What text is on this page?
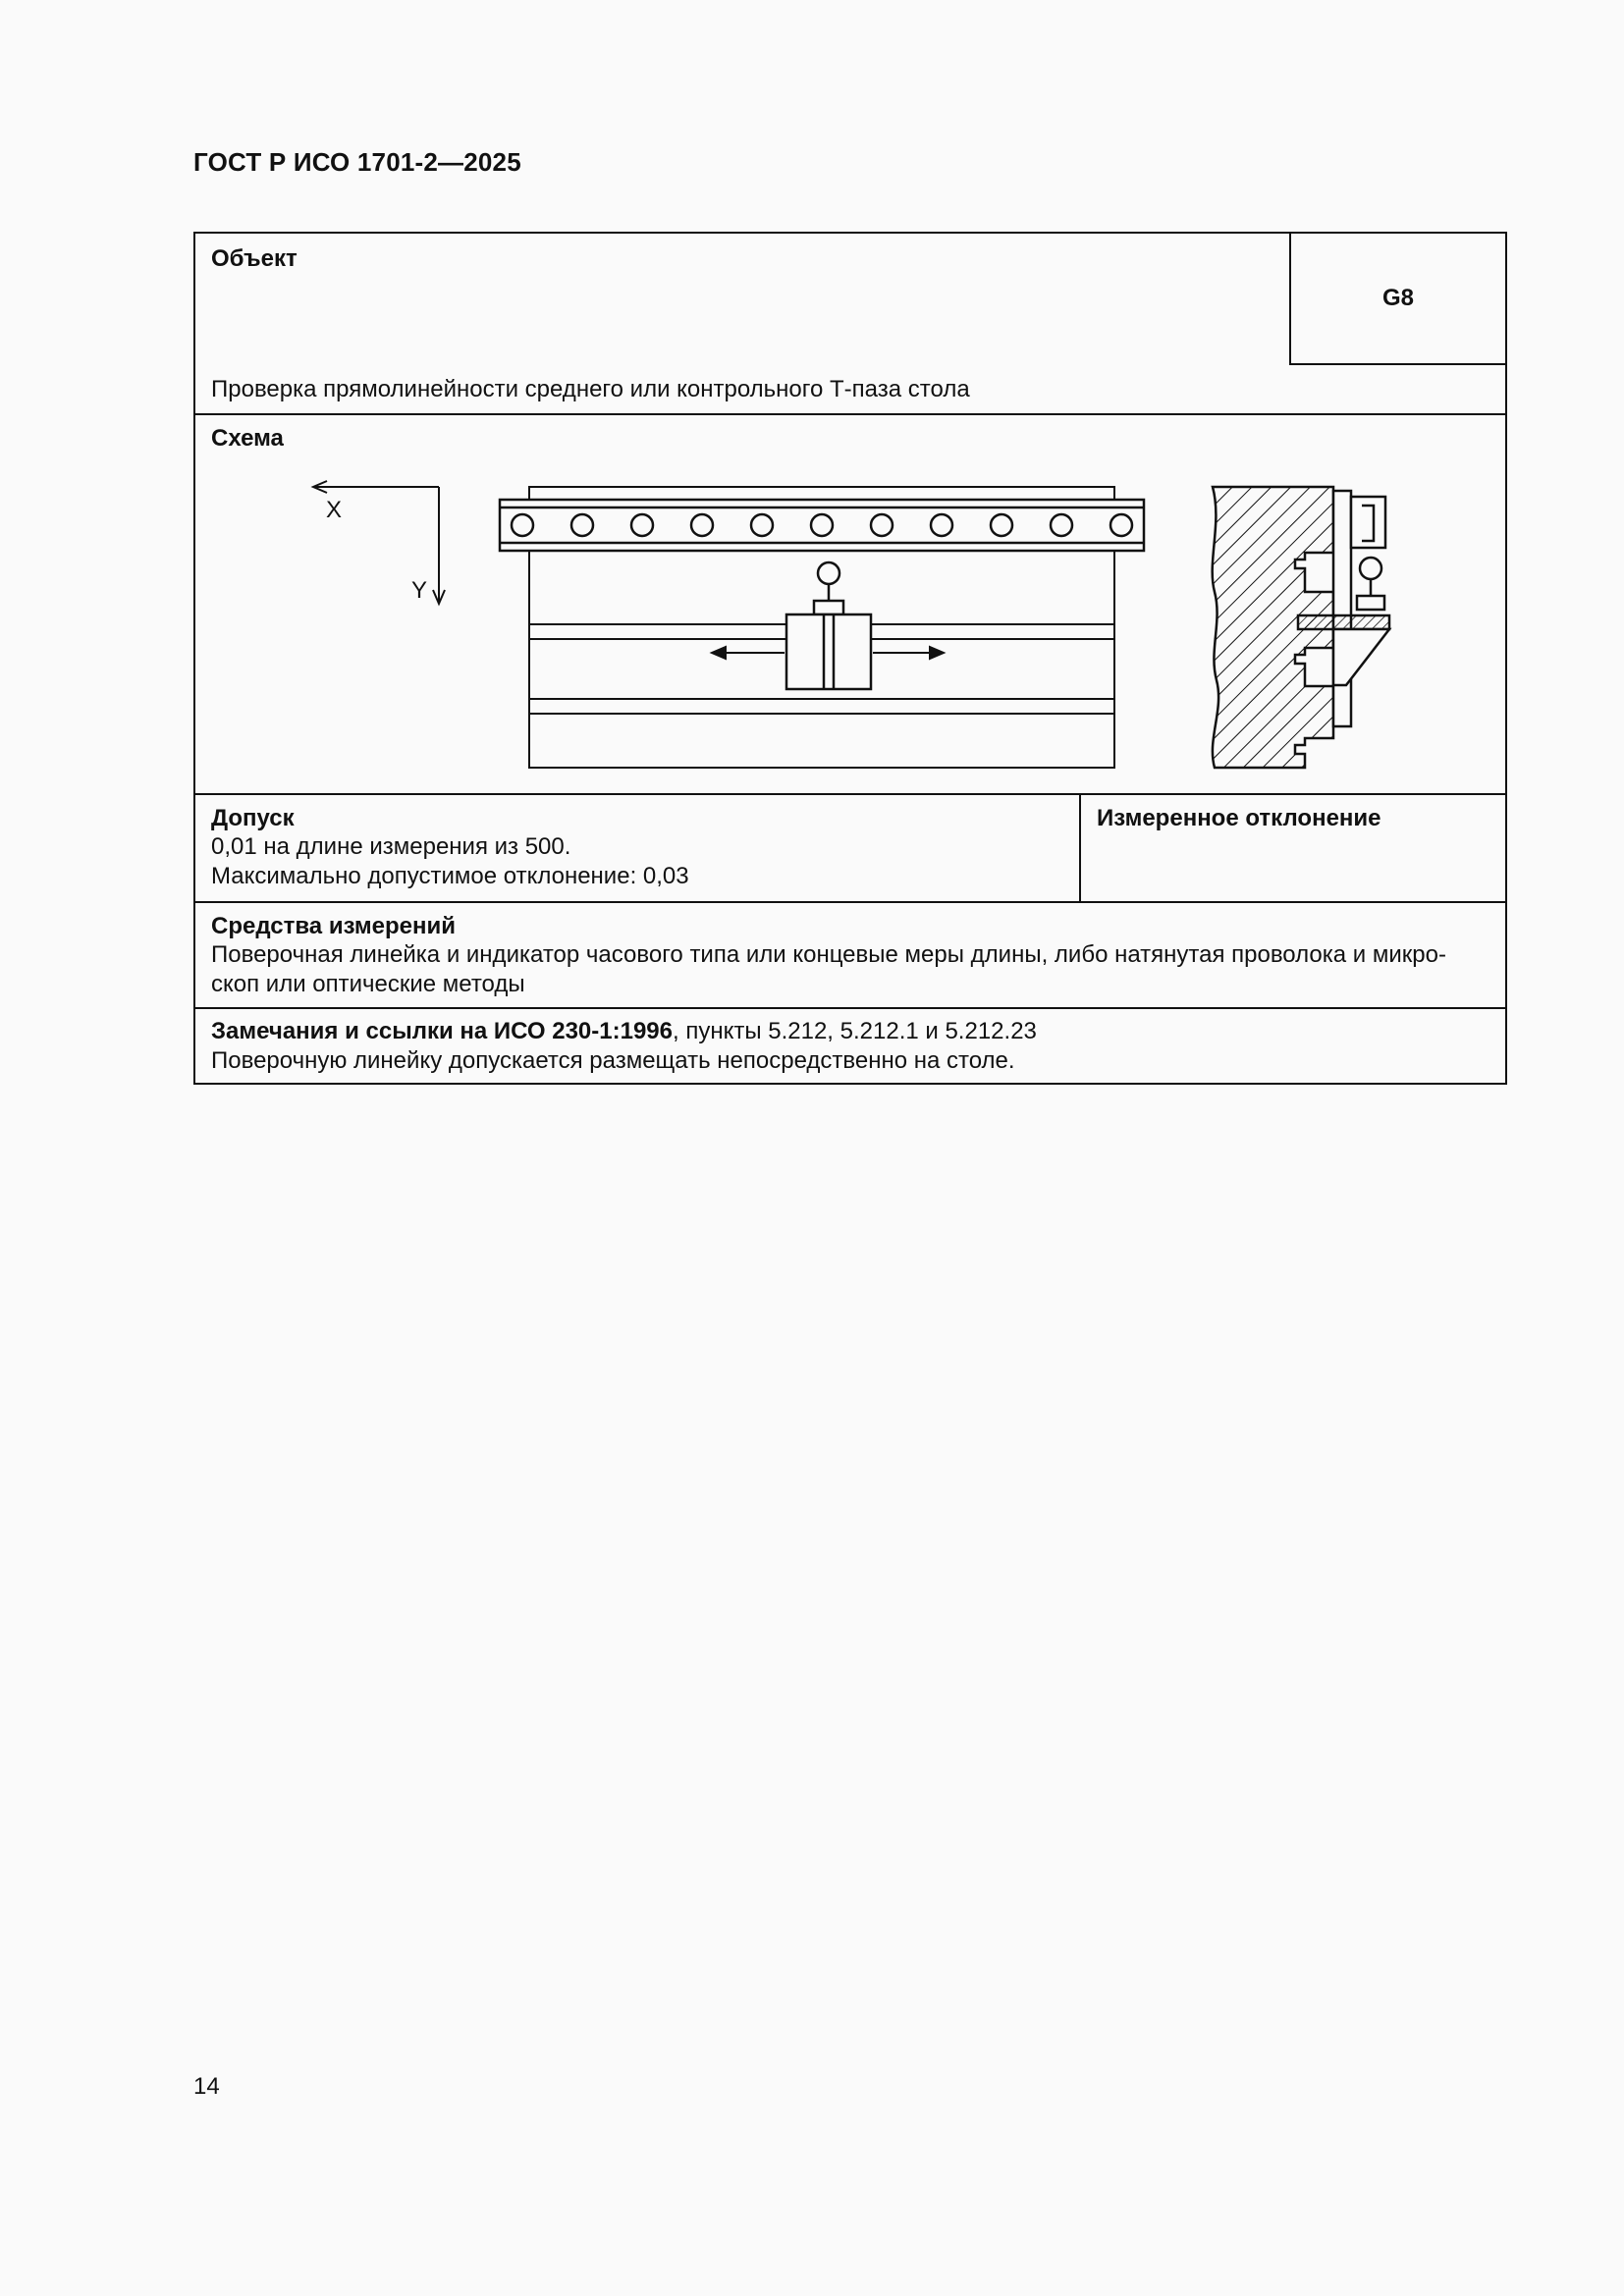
ГОСТ Р ИСО 1701-2—2025
Объект
G8
Проверка прямолинейности среднего или контрольного Т-паза стола
Схема
X
Y
Допуск
0,01 на длине измерения из 500.
Максимально допустимое отклонение: 0,03
Измеренное отклонение
Средства измерений
Поверочная линейка и индикатор часового типа или концевые меры длины, либо натянутая проволока и микро-
скоп или оптические методы
Замечания и ссылки на ИСО 230-1:1996, пункты 5.212, 5.212.1 и 5.212.23
Поверочную линейку допускается размещать непосредственно на столе.
14
